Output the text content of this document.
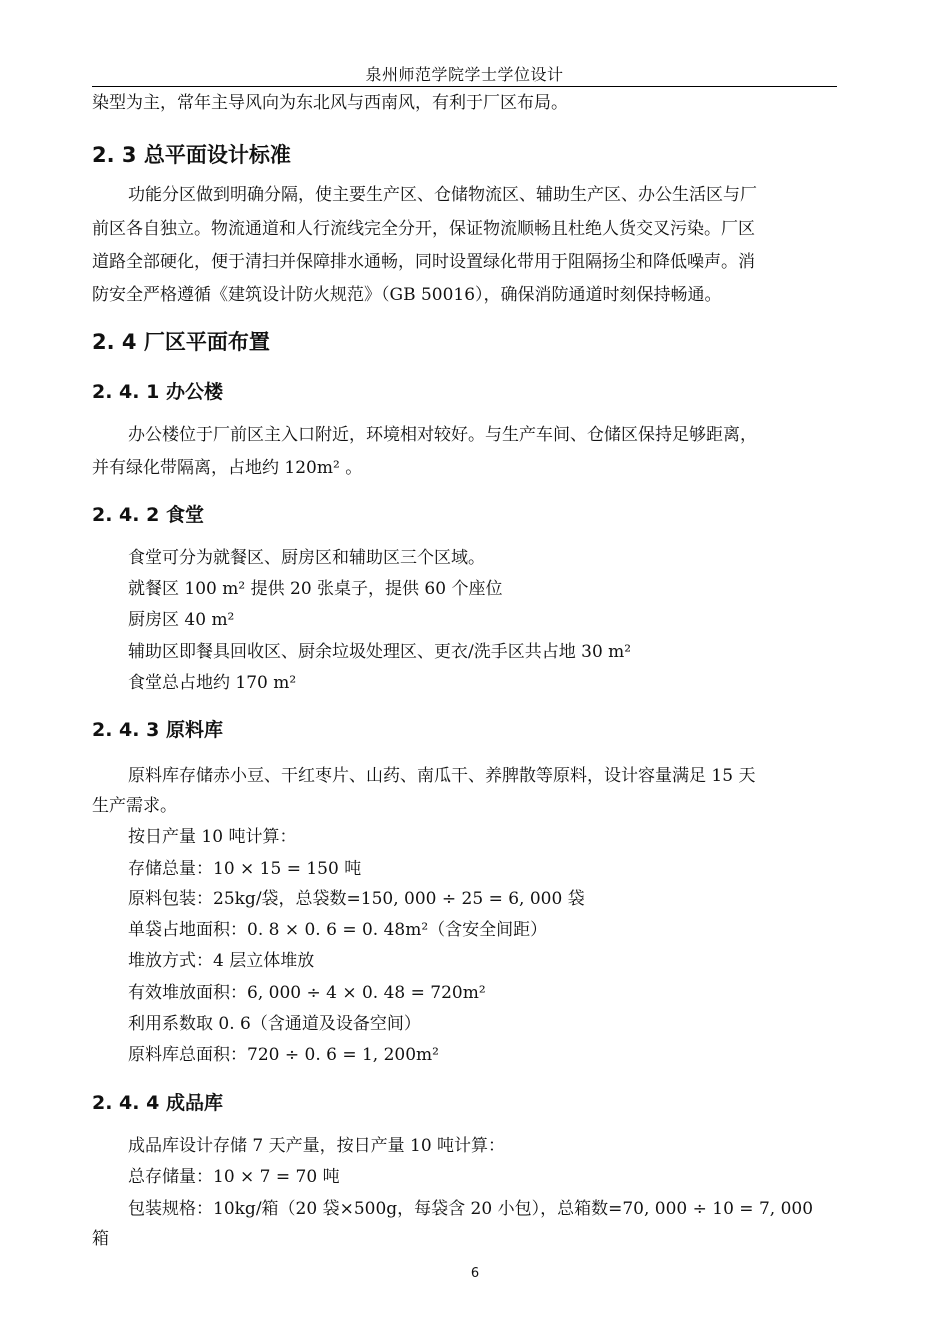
泉州师范学院学士学位设计
染型为主，常年主导风向为东北风与西南风，有利于厂区布局。
2. 3 总平面设计标准
功能分区做到明确分隔，使主要生产区、仓储物流区、辅助生产区、办公生活区与厂
前区各自独立。物流通道和人行流线完全分开，保证物流顺畅且杜绝人货交叉污染。厂区
道路全部硬化，便于清扫并保障排水通畅，同时设置绿化带用于阻隔扬尘和降低噪声。消
防安全严格遵循《建筑设计防火规范》（GB 50016），确保消防通道时刻保持畅通。
2. 4 厂区平面布置
2. 4. 1 办公楼
办公楼位于厂前区主入口附近，环境相对较好。与生产车间、仓储区保持足够距离，
并有绿化带隔离，占地约 120m² 。
2. 4. 2 食堂
食堂可分为就餐区、厨房区和辅助区三个区域。
就餐区 100 m² 提供 20 张桌子，提供 60 个座位
厨房区 40 m²
辅助区即餐具回收区、厨余垃圾处理区、更衣/洗手区共占地 30 m²
食堂总占地约 170 m²
2. 4. 3 原料库
原料库存储赤小豆、干红枣片、山药、南瓜干、养脾散等原料，设计容量满足 15 天
生产需求。
按日产量 10 吨计算：
存储总量：10 × 15 = 150 吨
原料包装：25kg/袋，总袋数=150, 000 ÷ 25 = 6, 000 袋
单袋占地面积：0. 8 × 0. 6 = 0. 48m²（含安全间距）
堆放方式：4 层立体堆放
有效堆放面积：6, 000 ÷ 4 × 0. 48 = 720m²
利用系数取 0. 6（含通道及设备空间）
原料库总面积：720 ÷ 0. 6 = 1, 200m²
2. 4. 4 成品库
成品库设计存储 7 天产量，按日产量 10 吨计算：
总存储量：10 × 7 = 70 吨
包装规格：10kg/箱（20 袋×500g，每袋含 20 小包），总箱数=70, 000 ÷ 10 = 7, 000
箱
6
